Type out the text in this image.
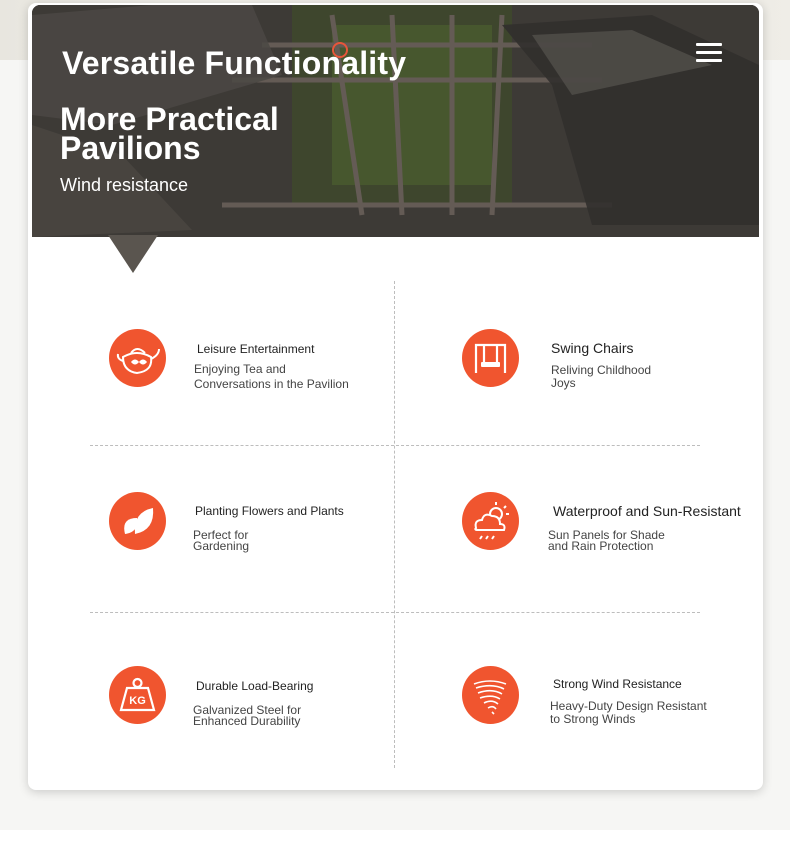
Versatile Functionality
More Practical Pavilions
Wind resistance
Leisure Entertainment
Enjoying Tea and
Conversations in the Pavilion
Swing Chairs
Reliving Childhood
Joys
Planting Flowers and Plants
Perfect for
Gardening
Waterproof and Sun-Resistant
Sun Panels for Shade
and Rain Protection
KG
Durable Load-Bearing
Galvanized Steel for
Enhanced Durability
Strong Wind Resistance
Heavy-Duty Design Resistant
to Strong Winds
